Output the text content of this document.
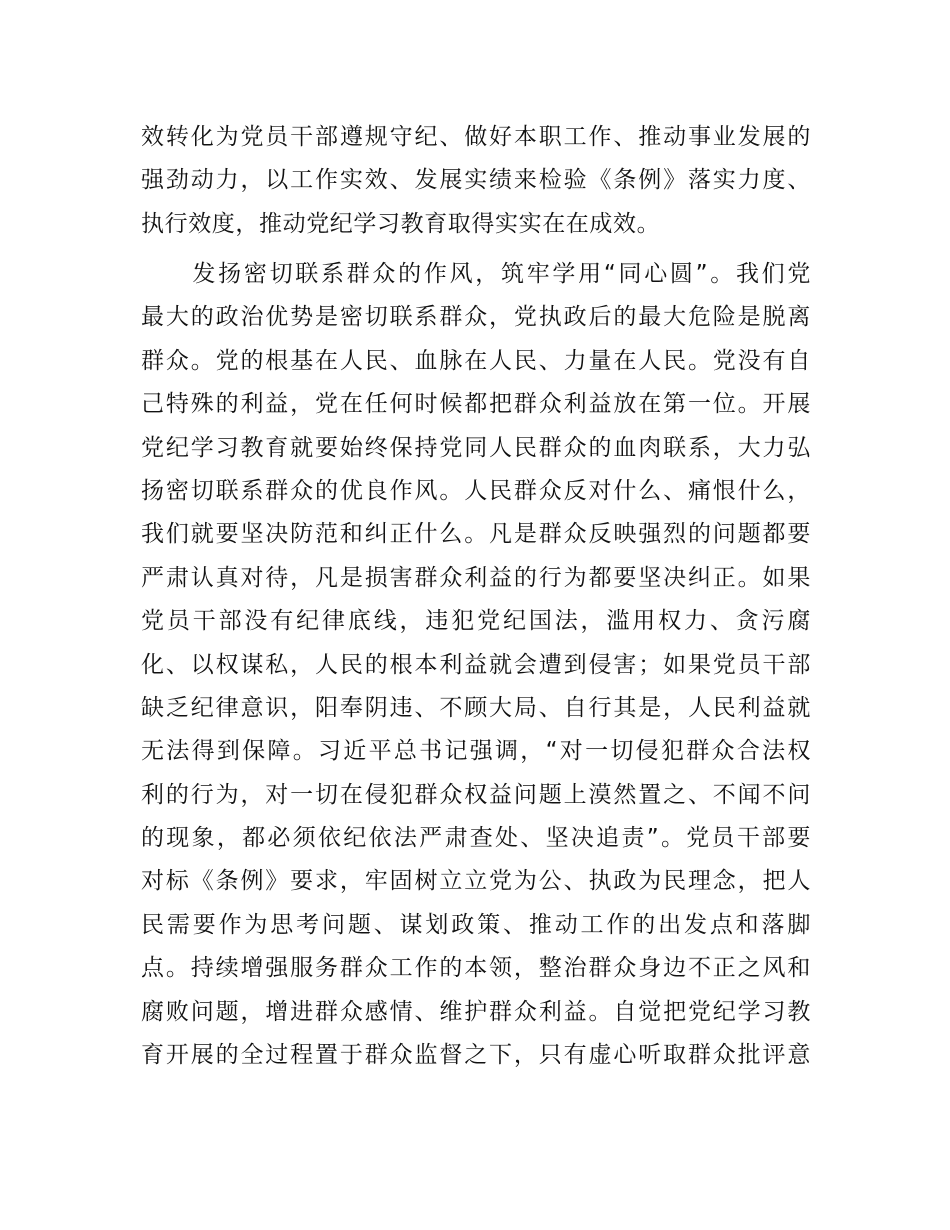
效转化为党员干部遵规守纪、做好本职工作、推动事业发展的
强劲动力，以工作实效、发展实绩来检验《条例》落实力度、
执行效度，推动党纪学习教育取得实实在在成效。
　　发扬密切联系群众的作风，筑牢学用“同心圆”。我们党
最大的政治优势是密切联系群众，党执政后的最大危险是脱离
群众。党的根基在人民、血脉在人民、力量在人民。党没有自
己特殊的利益，党在任何时候都把群众利益放在第一位。开展
党纪学习教育就要始终保持党同人民群众的血肉联系，大力弘
扬密切联系群众的优良作风。人民群众反对什么、痛恨什么，
我们就要坚决防范和纠正什么。凡是群众反映强烈的问题都要
严肃认真对待，凡是损害群众利益的行为都要坚决纠正。如果
党员干部没有纪律底线，违犯党纪国法，滥用权力、贪污腐
化、以权谋私，人民的根本利益就会遭到侵害；如果党员干部
缺乏纪律意识，阳奉阴违、不顾大局、自行其是，人民利益就
无法得到保障。习近平总书记强调，“对一切侵犯群众合法权
利的行为，对一切在侵犯群众权益问题上漠然置之、不闻不问
的现象，都必须依纪依法严肃查处、坚决追责”。党员干部要
对标《条例》要求，牢固树立立党为公、执政为民理念，把人
民需要作为思考问题、谋划政策、推动工作的出发点和落脚
点。持续增强服务群众工作的本领，整治群众身边不正之风和
腐败问题，增进群众感情、维护群众利益。自觉把党纪学习教
育开展的全过程置于群众监督之下，只有虚心听取群众批评意
